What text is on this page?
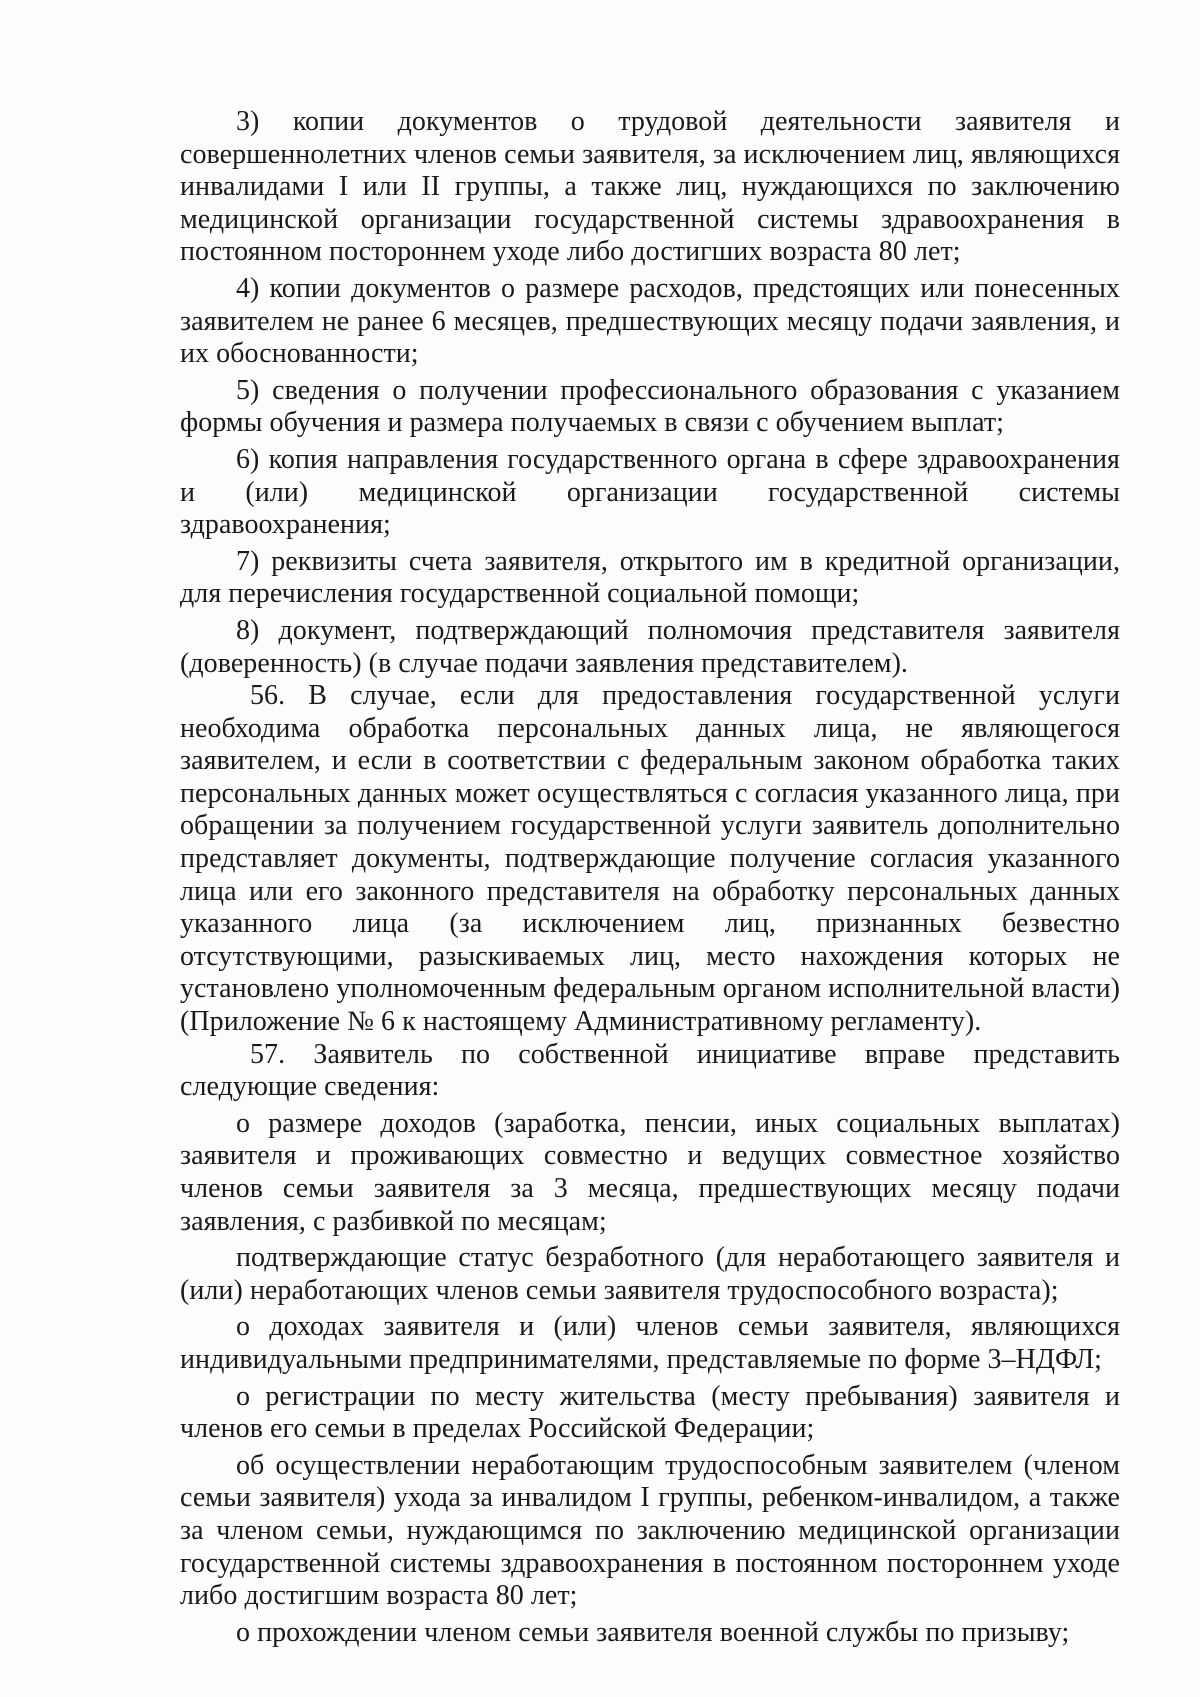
3) копии документов о трудовой деятельности заявителя и совершеннолетних членов семьи заявителя, за исключением лиц, являющихся инвалидами I или II группы, а также лиц, нуждающихся по заключению медицинской организации государственной системы здравоохранения в постоянном постороннем уходе либо достигших возраста 80 лет;

4) копии документов о размере расходов, предстоящих или понесенных заявителем не ранее 6 месяцев, предшествующих месяцу подачи заявления, и их обоснованности;

5) сведения о получении профессионального образования с указанием формы обучения и размера получаемых в связи с обучением выплат;

6) копия направления государственного органа в сфере здравоохранения и (или) медицинской организации государственной системы здравоохранения;

7) реквизиты счета заявителя, открытого им в кредитной организации, для перечисления государственной социальной помощи;

8) документ, подтверждающий полномочия представителя заявителя (доверенность) (в случае подачи заявления представителем).

56. В случае, если для предоставления государственной услуги необходима обработка персональных данных лица, не являющегося заявителем, и если в соответствии с федеральным законом обработка таких персональных данных может осуществляться с согласия указанного лица, при обращении за получением государственной услуги заявитель дополнительно представляет документы, подтверждающие получение согласия указанного лица или его законного представителя на обработку персональных данных указанного лица (за исключением лиц, признанных безвестно отсутствующими, разыскиваемых лиц, место нахождения которых не установлено уполномоченным федеральным органом исполнительной власти) (Приложение № 6 к настоящему Административному регламенту).

57. Заявитель по собственной инициативе вправе представить следующие сведения:

о размере доходов (заработка, пенсии, иных социальных выплатах) заявителя и проживающих совместно и ведущих совместное хозяйство членов семьи заявителя за 3 месяца, предшествующих месяцу подачи заявления, с разбивкой по месяцам;

подтверждающие статус безработного (для неработающего заявителя и (или) неработающих членов семьи заявителя трудоспособного возраста);

о доходах заявителя и (или) членов семьи заявителя, являющихся индивидуальными предпринимателями, представляемые по форме 3–НДФЛ;

о регистрации по месту жительства (месту пребывания) заявителя и членов его семьи в пределах Российской Федерации;

об осуществлении неработающим трудоспособным заявителем (членом семьи заявителя) ухода за инвалидом I группы, ребенком-инвалидом, а также за членом семьи, нуждающимся по заключению медицинской организации государственной системы здравоохранения в постоянном постороннем уходе либо достигшим возраста 80 лет;

о прохождении членом семьи заявителя военной службы по призыву;
